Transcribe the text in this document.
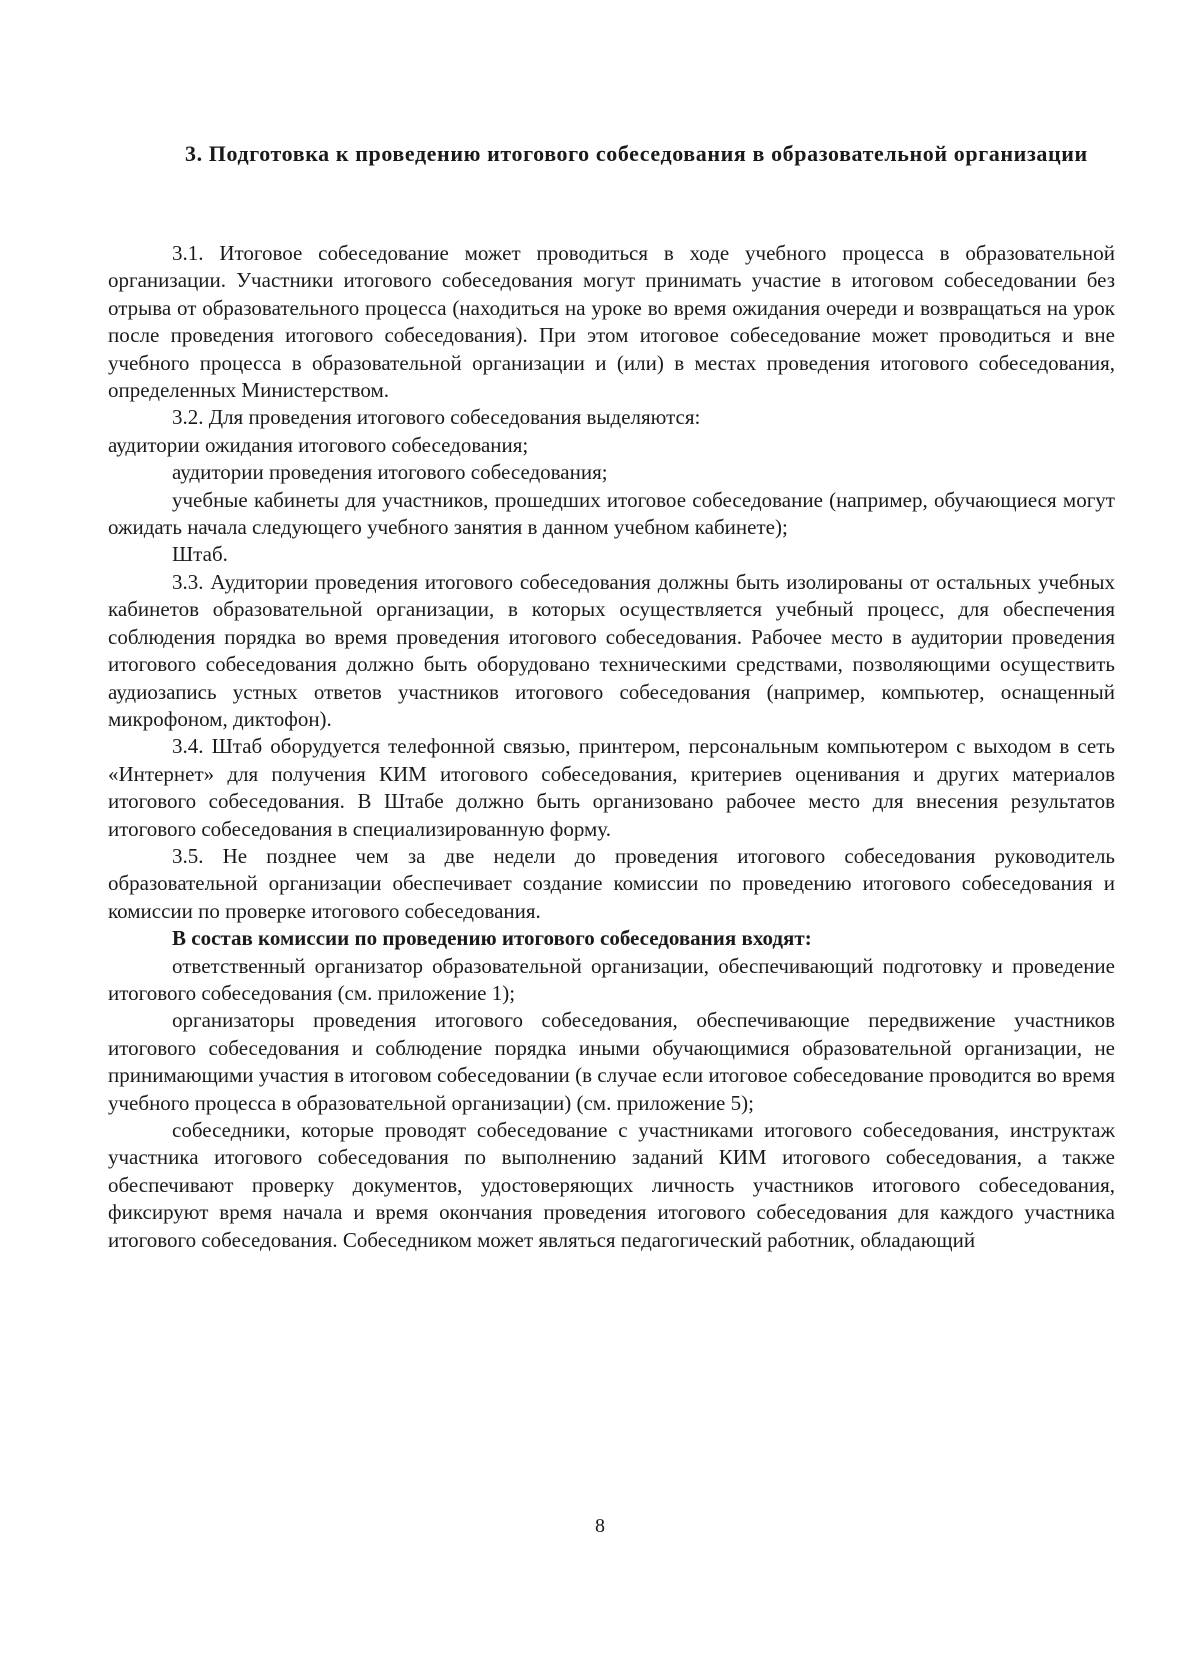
3. Подготовка к проведению итогового собеседования в образовательной организации

3.1. Итоговое собеседование может проводиться в ходе учебного процесса в образовательной организации. Участники итогового собеседования могут принимать участие в итоговом собеседовании без отрыва от образовательного процесса (находиться на уроке во время ожидания очереди и возвращаться на урок после проведения итогового собеседования). При этом итоговое собеседование может проводиться и вне учебного процесса в образовательной организации и (или) в местах проведения итогового собеседования, определенных Министерством.

3.2. Для проведения итогового собеседования выделяются:

аудитории ожидания итогового собеседования;

аудитории проведения итогового собеседования;

учебные кабинеты для участников, прошедших итоговое собеседование (например, обучающиеся могут ожидать начала следующего учебного занятия в данном учебном кабинете);

Штаб.

3.3. Аудитории проведения итогового собеседования должны быть изолированы от остальных учебных кабинетов образовательной организации, в которых осуществляется учебный процесс, для обеспечения соблюдения порядка во время проведения итогового собеседования. Рабочее место в аудитории проведения итогового собеседования должно быть оборудовано техническими средствами, позволяющими осуществить аудиозапись устных ответов участников итогового собеседования (например, компьютер, оснащенный микрофоном, диктофон).

3.4. Штаб оборудуется телефонной связью, принтером, персональным компьютером с выходом в сеть «Интернет» для получения КИМ итогового собеседования, критериев оценивания и других материалов итогового собеседования. В Штабе должно быть организовано рабочее место для внесения результатов итогового собеседования в специализированную форму.

3.5. Не позднее чем за две недели до проведения итогового собеседования руководитель образовательной организации обеспечивает создание комиссии по проведению итогового собеседования и комиссии по проверке итогового собеседования.

В состав комиссии по проведению итогового собеседования входят:

ответственный организатор образовательной организации, обеспечивающий подготовку и проведение итогового собеседования (см. приложение 1);

организаторы проведения итогового собеседования, обеспечивающие передвижение участников итогового собеседования и соблюдение порядка иными обучающимися образовательной организации, не принимающими участия в итоговом собеседовании (в случае если итоговое собеседование проводится во время учебного процесса в образовательной организации) (см. приложение 5);

собеседники, которые проводят собеседование с участниками итогового собеседования, инструктаж участника итогового собеседования по выполнению заданий КИМ итогового собеседования, а также обеспечивают проверку документов, удостоверяющих личность участников итогового собеседования, фиксируют время начала и время окончания проведения итогового собеседования для каждого участника итогового собеседования. Собеседником может являться педагогический работник, обладающий

8
